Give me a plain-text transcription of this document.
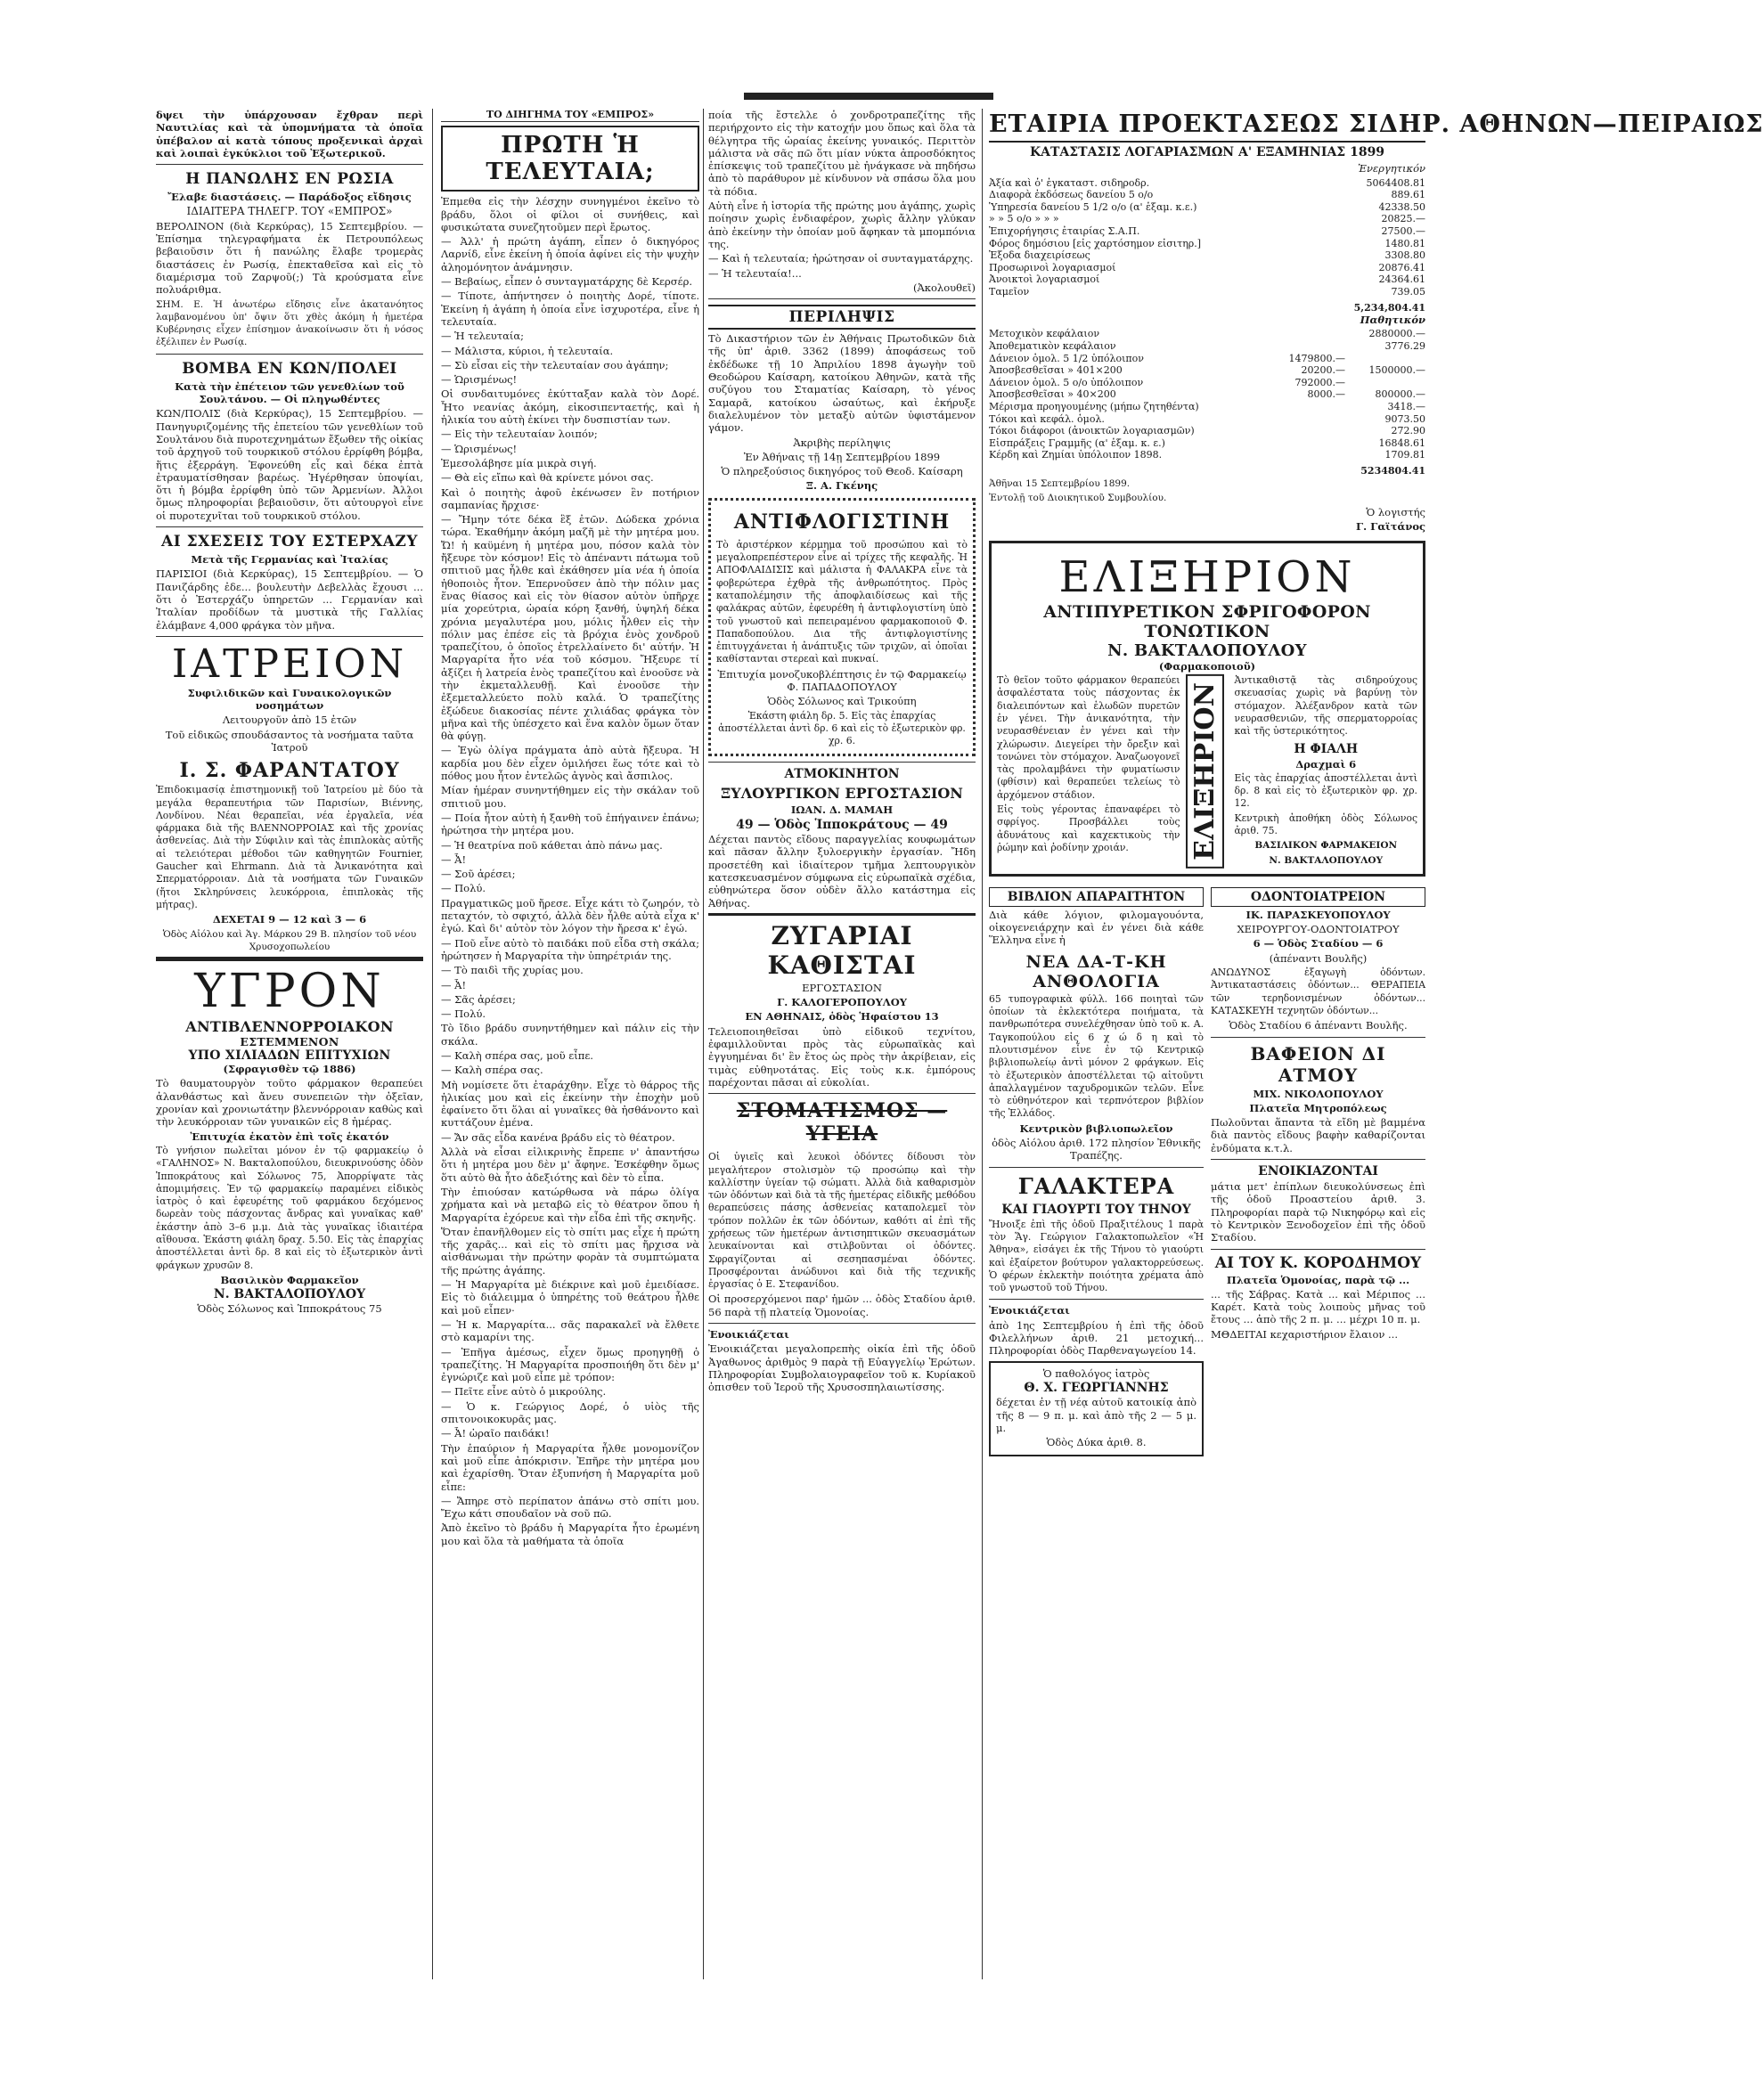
δψει τὴν ὑπάρχουσαν ἔχθραν περὶ Ναυτιλίας καὶ τὰ ὑπομνήματα τὰ ὁποῖα ὑπέβαλον αἱ κατὰ τόπους προξενικαὶ ἀρχαὶ καὶ λοιπαὶ ἐγκύκλιοι τοῦ Ἐξωτερικοῦ.

Η ΠΑΝΩΛΗΣ ΕΝ ΡΩΣΙΑ

Ἔλαβε διαστάσεις. — Παράδοξος εἴδησις

ΙΔΙΑΙΤΕΡΑ ΤΗΛΕΓΡ. ΤΟΥ «ΕΜΠΡΟΣ»

ΒΕΡΟΛΙΝΟΝ (διὰ Κερκύρας), 15 Σεπτεμβρίου. — Ἐπίσημα τηλεγραφήματα ἐκ Πετρουπόλεως βεβαιοῦσιν ὅτι ἡ πανώλης ἔλαβε τρομερὰς διαστάσεις ἐν Ρωσίᾳ, ἐπεκταθεῖσα καὶ εἰς τὸ διαμέρισμα τοῦ Ζαρψοῦ(;) Τὰ κρούσματα εἶνε πολυάριθμα.

ΣΗΜ. Ε. Ἡ ἀνωτέρω εἴδησις εἶνε ἀκατανόητος λαμβανομένου ὑπ' ὄψιν ὅτι χθὲς ἀκόμη ἡ ἡμετέρα Κυβέρνησις εἶχεν ἐπίσημον ἀνακοίνωσιν ὅτι ἡ νόσος ἐξέλιπεν ἐν Ρωσίᾳ.

ΒΟΜΒΑ ΕΝ ΚΩΝ/ΠΟΛΕΙ

Κατὰ τὴν ἐπέτειον τῶν γενεθλίων τοῦ Σουλτάνου. — Οἱ πληγωθέντες

ΚΩΝ/ΠΟΛΙΣ (διὰ Κερκύρας), 15 Σεπτεμβρίου. — Πανηγυριζομένης τῆς ἐπετείου τῶν γενεθλίων τοῦ Σουλτάνου διὰ πυροτεχνημάτων ἔξωθεν τῆς οἰκίας τοῦ ἀρχηγοῦ τοῦ τουρκικοῦ στόλου ἐρρίφθη βόμβα, ἥτις ἐξερράγη. Ἐφονεύθη εἷς καὶ δέκα ἐπτὰ ἐτραυματίσθησαν βαρέως. Ἠγέρθησαν ὑποψίαι, ὅτι ἡ βόμβα ἐρρίφθη ὑπὸ τῶν Ἀρμενίων. Ἀλλοι ὅμως πληροφορίαι βεβαιοῦσιν, ὅτι αὐτουργοὶ εἶνε οἱ πυροτεχνῖται τοῦ τουρκικοῦ στόλου.

ΑΙ ΣΧΕΣΕΙΣ ΤΟΥ ΕΣΤΕΡΧΑΖΥ

Μετὰ τῆς Γερμανίας καὶ Ἰταλίας

ΠΑΡΙΣΙΟΙ (διὰ Κερκύρας), 15 Σεπτεμβρίου. — Ὁ Πανιζάρδης ἐδε... βουλευτὴν Δεβελλὰς ἔχουσι ... ὅτι ὁ Ἐστερχάζυ ὑπηρετῶν ... Γερμανίαν καὶ Ἰταλίαν προδίδων τὰ μυστικὰ τῆς Γαλλίας ἐλάμβανε 4,000 φράγκα τὸν μῆνα.

ΙΑΤΡΕΙΟΝ

Συφιλιδικῶν καὶ Γυναικολογικῶν νοσημάτων

Λειτουργοῦν ἀπὸ 15 ἐτῶν

Τοῦ εἰδικῶς σπουδάσαντος τὰ νοσήματα ταῦτα Ἰατροῦ

Ι. Σ. ΦΑΡΑΝΤΑΤΟΥ

Ἐπιδοκιμασίᾳ ἐπιστημονικῇ τοῦ Ἰατρείου μὲ δύο τὰ μεγάλα θεραπευτήρια τῶν Παρισίων, Βιέννης, Λονδίνου. Νέαι θεραπεῖαι, νέα ἐργαλεῖα, νέα φάρμακα διὰ τῆς ΒΛΕΝΝΟΡΡΟΙΑΣ καὶ τῆς χρονίας ἀσθενείας. Διὰ τὴν Σύφιλιν καὶ τὰς ἐπιπλοκὰς αὐτῆς αἱ τελειότεραι μέθοδοι τῶν καθηγητῶν Fournier, Gaucher καὶ Ehrmann. Διὰ τὰ Ἀνικανότητα καὶ Σπερματόρροιαν. Διὰ τὰ νοσήματα τῶν Γυναικῶν (ἤτοι Σκληρύνσεις λευκόρροια, ἐπιπλοκὰς τῆς μήτρας).

ΔΕΧΕΤΑΙ 9 — 12 καὶ 3 — 6

Ὁδὸς Αἰόλου καὶ Ἁγ. Μάρκου 29 Β. πλησίον τοῦ νέου Χρυσοχοπωλείου

ΥΓΡΟΝ
ΑΝΤΙΒΛΕΝΝΟΡΡΟΙΑΚΟΝ
ΕΣΤΕΜΜΕΝΟΝ
ΥΠΟ ΧΙΛΙΑΔΩΝ ΕΠΙΤΥΧΙΩΝ

(Σφραγισθὲν τῷ 1886)

Τὸ θαυματουργὸν τοῦτο φάρμακον θεραπεύει ἀλανθάστως καὶ ἄνευ συνεπειῶν τὴν ὀξεῖαν, χρονίαν καὶ χρονιωτάτην βλεννόρροιαν καθὼς καὶ τὴν λευκόρροιαν τῶν γυναικῶν εἰς 8 ἡμέρας.

Ἐπιτυχία ἑκατὸν ἐπὶ τοῖς ἑκατόν

Τὸ γνήσιον πωλεῖται μόνον ἐν τῷ φαρμακείῳ ὁ «ΓΑΛΗΝΟΣ» Ν. Βακταλοπούλου, διευκρινούσης ὁδὸν Ἱπποκράτους καὶ Σόλωνος 75, Ἀπορρίψατε τὰς ἀπομιμήσεις. Ἐν τῷ φαρμακείῳ παραμένει εἰδικὸς ἰατρὸς ὁ καὶ ἐφευρέτης τοῦ φαρμάκου δεχόμενος δωρεὰν τοὺς πάσχοντας ἄνδρας καὶ γυναῖκας καθ' ἑκάστην ἀπὸ 3–6 μ.μ. Διὰ τὰς γυναῖκας ἰδιαιτέρα αἴθουσα. Ἑκάστη φιάλη δραχ. 5.50. Εἰς τὰς ἐπαρχίας ἀποστέλλεται ἀντὶ δρ. 8 καὶ εἰς τὸ ἐξωτερικὸν ἀντὶ φράγκων χρυσῶν 8.

Βασιλικὸν Φαρμακεῖον

Ν. ΒΑΚΤΑΛΟΠΟΥΛΟΥ

Ὁδὸς Σόλωνος καὶ Ἱπποκράτους 75

ΤΟ ΔΙΗΓΗΜΑ ΤΟΥ «ΕΜΠΡΟΣ»

ΠΡΩΤΗ Ἡ ΤΕΛΕΥΤΑΙΑ;

Ἐπμεθα εἰς τὴν λέσχην συνηγμένοι ἐκεῖνο τὸ βράδυ, ὅλοι οἱ φίλοι οἱ συνήθεις, καὶ φυσικώτατα συνεζητοῦμεν περὶ ἔρωτος.

— Ἀλλ' ἡ πρώτη ἀγάπη, εἶπεν ὁ δικηγόρος Λαρνίδ, εἶνε ἐκείνη ἡ ὁποία ἀφίνει εἰς τὴν ψυχὴν ἀληομόνητον ἀνάμνησιν.

— Βεβαίως, εἶπεν ὁ συνταγματάρχης δὲ Κερσέρ.

— Τίποτε, ἀπήντησεν ὁ ποιητὴς Δορέ, τίποτε. Ἐκείνη ἡ ἀγάπη ἡ ὁποία εἶνε ἰσχυροτέρα, εἶνε ἡ τελευταία.

— Ἡ τελευταία;

— Μάλιστα, κύριοι, ἡ τελευταία.

— Σὺ εἶσαι εἰς τὴν τελευταίαν σου ἀγάπην;

— Ὡρισμένως!

Οἱ συνδαιτυμόνες ἐκύτταξαν καλὰ τὸν Δορέ. Ἦτο νεανίας ἀκόμη, εἰκοσιπενταετής, καὶ ἡ ἡλικία του αὐτὴ ἐκίνει τὴν δυσπιστίαν των.

— Εἰς τὴν τελευταίαν λοιπόν;

— Ὡρισμένως!

Ἐμεσολάβησε μία μικρὰ σιγή.

— Θὰ εἰς εἴπω καὶ θὰ κρίνετε μόνοι σας.

Καὶ ὁ ποιητὴς ἀφοῦ ἐκένωσεν ἓν ποτήριον σαμπανίας ἤρχισε·

— Ἤμην τότε δέκα ἓξ ἐτῶν. Δώδεκα χρόνια τώρα. Ἐκαθήμην ἀκόμη μαζῆ μὲ τὴν μητέρα μου. Ὤ! ἡ καϋμένη ἡ μητέρα μου, πόσον καλὰ τὸν ἤξευρε τὸν κόσμον! Εἰς τὸ ἀπέναντι πάτωμα τοῦ σπιτιοῦ μας ἦλθε καὶ ἐκάθησεν μία νέα ἡ ὁποία ἠθοποιὸς ἦτον. Ἐπερνοῦσεν ἀπὸ τὴν πόλιν μας ἕνας θίασος καὶ εἰς τὸν θίασον αὐτὸν ὑπῆρχε μία χορεύτρια, ὡραία κόρη ξανθή, ὑψηλή δέκα χρόνια μεγαλυτέρα μου, μόλις ἦλθεν εἰς τὴν πόλιν μας ἐπέσε εἰς τὰ βρόχια ἑνὸς χονδροῦ τραπεζίτου, ὁ ὁποῖος ἐτρελλαίνετο δι' αὐτήν. Ἡ Μαργαρίτα ἦτο νέα τοῦ κόσμου. Ἤξευρε τί ἀξίζει ἡ λατρεία ἑνὸς τραπεζίτου καὶ ἐνοοῦσε νὰ τὴν ἐκμεταλλευθῇ. Καὶ ἐνοοῦσε τὴν ἐξεμεταλλεύετο πολὺ καλά. Ὁ τραπεζίτης ἐξώδευε διακοσίας πέντε χιλιάδας φράγκα τὸν μῆνα καὶ τῆς ὑπέσχετο καὶ ἕνα καλὸν ὅμων ὅταν θὰ φύγῃ.

— Ἐγὼ ὀλίγα πράγματα ἀπὸ αὐτὰ ἤξευρα. Ἡ καρδία μου δὲν εἶχεν ὁμιλήσει ἕως τότε καὶ τὸ πόθος μου ἦτον ἐντελῶς ἀγνὸς καὶ ἄσπιλος.

Μίαν ἡμέραν συνηντήθημεν εἰς τὴν σκάλαν τοῦ σπιτιοῦ μου.

— Ποία ἦτον αὐτὴ ἡ ξανθὴ τοῦ ἐπήγαινεν ἐπάνω; ἠρώτησα τὴν μητέρα μου.

— Ἡ θεατρίνα ποῦ κάθεται ἀπὸ πάνω μας.

— Ἆ!

— Σοῦ ἀρέσει;

— Πολύ.

Πραγματικῶς μοῦ ἤρεσε. Εἶχε κάτι τὸ ζωηρόν, τὸ πεταχτόν, τὸ σφιχτό, ἀλλὰ δὲν ἦλθε αὐτὰ εἶχα κ' ἐγώ. Καὶ δι' αὐτὸν τὸν λόγον τὴν ἤρεσα κ' ἐγώ.

— Ποῦ εἶνε αὐτὸ τὸ παιδάκι ποῦ εἶδα στὴ σκάλα; ἠρώτησεν ἡ Μαργαρίτα τὴν ὑπηρέτριάν της.

— Τὸ παιδὶ τῆς χυρίας μου.

— Ἆ!

— Σᾶς ἀρέσει;

— Πολύ.

Τὸ ἴδιο βράδυ συνηντήθημεν καὶ πάλιν εἰς τὴν σκάλα.

— Καλὴ σπέρα σας, μοῦ εἶπε.

— Καλὴ σπέρα σας.

Μὴ νομίσετε ὅτι ἐταράχθην. Εἶχε τὸ θάρρος τῆς ἡλικίας μου καὶ εἰς ἐκείνην τὴν ἐποχὴν μοῦ ἐφαίνετο ὅτι ὅλαι αἱ γυναῖκες θὰ ἠσθάνοντο καὶ κυττάζουν ἐμένα.

— Ἄν σᾶς εἶδα κανένα βράδυ εἰς τὸ θέατρον.

Ἀλλὰ νὰ εἶσαι εἰλικρινὴς ἔπρεπε ν' ἀπαντήσω ὅτι ἡ μητέρα μου δὲν μ' ἄφηνε. Ἐσκέφθην ὅμως ὅτι αὐτὸ θὰ ἦτο ἀδεξιότης καὶ δὲν τὸ εἶπα.

Τὴν ἐπιούσαν κατώρθωσα νὰ πάρω ὀλίγα χρήματα καὶ νὰ μεταβῶ εἰς τὸ θέατρον ὅπου ἡ Μαργαρίτα ἐχόρευε καὶ τὴν εἶδα ἐπὶ τῆς σκηνῆς.

Ὅταν ἐπανῆλθομεν εἰς τὸ σπίτι μας εἶχε ἡ πρώτη τῆς χαρᾶς... καὶ εἰς τὸ σπίτι μας ἤρχισα νὰ αἰσθάνωμαι τὴν πρώτην φορὰν τὰ συμπτώματα τῆς πρώτης ἀγάπης.

— Ἡ Μαργαρίτα μὲ διέκρινε καὶ μοῦ ἐμειδίασε. Εἰς τὸ διάλειμμα ὁ ὑπηρέτης τοῦ θεάτρου ἦλθε καὶ μοῦ εἶπεν·

— Ἡ κ. Μαργαρίτα... σᾶς παρακαλεῖ νὰ ἔλθετε στὸ καμαρίνι της.

— Ἐπῆγα ἀμέσως, εἶχεν ὅμως προηγηθῇ ὁ τραπεζίτης. Ἡ Μαργαρίτα προσποιήθη ὅτι δὲν μ' ἐγνώριζε καὶ μοῦ εἶπε μὲ τρόπον:

— Πεῖτε εἶνε αὐτὸ ὁ μικρούλης.

— Ὁ κ. Γεώργιος Δορέ, ὁ υἱὸς τῆς σπιτονοικοκυρᾶς μας.

— Ἆ! ὡραῖο παιδάκι!

Τὴν ἐπαύριον ἡ Μαργαρίτα ἦλθε μονομονίζον καὶ μοῦ εἶπε ἀπόκρισιν. Ἐπῆρε τὴν μητέρα μου καὶ ἐχαρίσθη. Ὅταν ἐξυπνήση ἡ Μαργαρίτα μοῦ εἶπε:

— Ἄπηρε στὸ περίπατον ἀπάνω στὸ σπίτι μου. Ἔχω κάτι σπουδαῖον νὰ σοῦ πῶ.

Ἀπὸ ἐκεῖνο τὸ βράδυ ἡ Μαργαρίτα ἦτο ἐρωμένη μου καὶ ὅλα τὰ μαθήματα τὰ ὁποῖα

ποία τῆς ἔστελλε ὁ χονδροτραπεζίτης τῆς περιήρχοντο εἰς τὴν κατοχήν μου ὅπως καὶ ὅλα τὰ θέλγητρα τῆς ὡραίας ἐκείνης γυναικός. Περιττὸν μάλιστα νὰ σᾶς πῶ ὅτι μίαν νύκτα ἀπροσδόκητος ἐπίσκεψις τοῦ τραπεζίτου μὲ ἠνάγκασε νὰ πηδήσω ἀπὸ τὸ παράθυρον μὲ κίνδυνον νὰ σπάσω ὅλα μου τὰ πόδια.

Αὐτὴ εἶνε ἡ ἱστορία τῆς πρώτης μου ἀγάπης, χωρὶς ποίησιν χωρὶς ἐνδιαφέρον, χωρὶς ἄλλην γλύκαν ἀπὸ ἐκείνην τὴν ὁποίαν μοῦ ἄφηκαν τὰ μπομπόνια της.

— Καὶ ἡ τελευταία; ἠρώτησαν οἱ συνταγματάρχης.

— Ἡ τελευταία!...

(Ἀκολουθεῖ)

ΠΕΡΙΛΗΨΙΣ

Τὸ Δικαστήριον τῶν ἐν Ἀθήναις Πρωτοδικῶν διὰ τῆς ὑπ' ἀριθ. 3362 (1899) ἀποφάσεως τοῦ ἐκδέδωκε τῇ 10 Ἀπριλίου 1898 ἀγωγὴν τοῦ Θεοδώρου Καίσαρη, κατοίκου Ἀθηνῶν, κατὰ τῆς συζύγου του Σταματίας Καίσαρη, τὸ γένος Σαμαρᾶ, κατοίκου ὡσαύτως, καὶ ἐκήρυξε διαλελυμένον τὸν μεταξὺ αὐτῶν ὑφιστάμενον γάμον.

Ἀκριβὴς περίληψις

Ἐν Ἀθήναις τῇ 14ῃ Σεπτεμβρίου 1899

Ὁ πληρεξούσιος δικηγόρος τοῦ Θεοδ. Καίσαρη

Ξ. Α. Γκένης

ΑΝΤΙΦΛΟΓΙΣΤΙΝΗ

Τὸ ἀριστέρκον κέρμημα τοῦ προσώπου καὶ τὸ μεγαλοπρεπέστερον εἶνε αἱ τρίχες τῆς κεφαλῆς. Ἡ ΑΠΟΦΛΑΙΔΙΣΙΣ καὶ μάλιστα ἡ ΦΑΛΑΚΡΑ εἶνε τὰ φοβερώτερα ἐχθρὰ τῆς ἀνθρωπότητος. Πρὸς καταπολέμησιν τῆς ἀποφλαιδίσεως καὶ τῆς φαλάκρας αὐτῶν, ἐφευρέθη ἡ ἀντιφλογιστίνη ὑπὸ τοῦ γνωστοῦ καὶ πεπειραμένου φαρμακοποιοῦ Φ. Παπαδοπούλου. Δια τῆς ἀντιφλογιστίνης ἐπιτυγχάνεται ἡ ἀνάπτυξις τῶν τριχῶν, αἱ ὁποῖαι καθίστανται στερεαὶ καὶ πυκναί.

Ἐπιτυχία μονοζυκοβλέπτησις ἐν τῷ Φαρμακείῳ Φ. ΠΑΠΑΔΟΠΟΥΛΟΥ

Ὁδὸς Σόλωνος καὶ Τρικούπη

Ἑκάστη φιάλη δρ. 5. Εἰς τὰς ἐπαρχίας ἀποστέλλεται ἀντὶ δρ. 6 καὶ εἰς τὸ ἐξωτερικὸν φρ. χρ. 6.

ΑΤΜΟΚΙΝΗΤΟΝ
ΞΥΛΟΥΡΓΙΚΟΝ ΕΡΓΟΣΤΑΣΙΟΝ

ΙΩΑΝ. Δ. ΜΑΜΑΗ

49 — Ὁδὸς Ἱπποκράτους — 49

Δέχεται παντὸς εἴδους παραγγελίας κουφωμάτων καὶ πᾶσαν ἄλλην ξυλοεργικὴν ἐργασίαν. Ἤδη προσετέθη καὶ ἰδιαίτερον τμῆμα λεπτουργικὸν κατεσκευασμένον σύμφωνα εἰς εὐρωπαϊκὰ σχέδια, εὐθηνώτερα ὅσον οὐδὲν ἄλλο κατάστημα εἰς Ἀθήνας.

ΖΥΓΑΡΙΑΙ ΚΑΘΙΣΤΑΙ

ΕΡΓΟΣΤΑΣΙΟΝ

Γ. ΚΑΛΟΓΕΡΟΠΟΥΛΟΥ

ΕΝ ΑΘΗΝΑΙΣ, ὁδὸς Ἡφαίστου 13

Τελειοποιηθεῖσαι ὑπὸ εἰδικοῦ τεχνίτου, ἐφαμιλλοῦνται πρὸς τὰς εὐρωπαϊκὰς καὶ ἐγγυημέναι δι' ἓν ἔτος ὡς πρὸς τὴν ἀκρίβειαν, εἰς τιμὰς εὐθηνοτάτας. Εἰς τοὺς κ.κ. ἐμπόρους παρέχονται πᾶσαι αἱ εὐκολίαι.

ΣΤΟΜΑΤΙΣΜΟΣ — ΥΓΕΙΑ

Οἱ ὑγιεῖς καὶ λευκοὶ ὀδόντες δίδουσι τὸν μεγαλήτερον στολισμὸν τῷ προσώπῳ καὶ τὴν καλλίστην ὑγείαν τῷ σώματι. Ἀλλὰ διὰ καθαρισμὸν τῶν ὀδόντων καὶ διὰ τὰ τῆς ἡμετέρας εἰδικῆς μεθόδου θεραπεύσεις πάσης ἀσθενείας καταπολεμεῖ τὸν τρόπον πολλῶν ἐκ τῶν ὀδόντων, καθότι αἱ ἐπὶ τῆς χρήσεως τῶν ἡμετέρων ἀντισηπτικῶν σκευασμάτων λευκαίνονται καὶ στιλβοῦνται οἱ ὀδόντες. Σφραγίζονται αἱ σεσηπασμέναι ὀδόντες. Προσφέρονται ἀνώδυνοι καὶ διὰ τῆς τεχνικῆς ἐργασίας ὁ Ε. Στεφανίδου.

Οἱ προσερχόμενοι παρ' ἡμῶν ... ὁδὸς Σταδίου ἀριθ. 56 παρὰ τῇ πλατείᾳ Ὁμονοίας.

Ἐνοικιάζεται

Ἐνοικιάζεται μεγαλοπρεπὴς οἰκία ἐπὶ τῆς ὁδοῦ Ἀγαθωνος ἀριθμὸς 9 παρὰ τῇ Εὐαγγελίῳ Ἐρώτων. Πληροφορίαι Συμβολαιογραφεῖον τοῦ κ. Κυρίακοῦ ὀπισθεν τοῦ Ἱεροῦ τῆς Χρυσοσπηλαιωτίσσης.

ΕΤΑΙΡΙΑ ΠΡΟΕΚΤΑΣΕΩΣ ΣΙΔΗΡ. ΑΘΗΝΩΝ—ΠΕΙΡΑΙΩΣ

ΚΑΤΑΣΤΑΣΙΣ ΛΟΓΑΡΙΑΣΜΩΝ Α' ΕΞΑΜΗΝΙΑΣ 1899

Ἐνεργητικόν

Ἀξία καὶ ὁ' ἐγκαταστ. σιδηροδρ.	5064408.81
Διαφορὰ ἐκδόσεως δανείου 5 ο/ο	889.61
Ὑπηρεσία δανείου 5 1/2 ο/ο (α' ἑξαμ. κ.ε.)	42338.50
» » 5 ο/ο » » »	20825.—
Ἐπιχορήγησις ἐταιρίας Σ.Α.Π.	27500.—
Φόρος δημόσιου [εἰς χαρτόσημον εἰσιτηρ.]	1480.81
Ἐξοδα διαχειρίσεως	3308.80
Προσωρινοὶ λογαριασμοί	20876.41
Ἀνοικτοὶ λογαριασμοί	24364.61
Ταμεῖον	739.05
5,234,804.41

Παθητικόν

Μετοχικὸν κεφάλαιον	2880000.—
Ἀποθεματικὸν κεφάλαιον	3776.29
Δάνειον ὁμολ. 5 1/2 ὑπόλοιπον	1479800.—
Ἀποσβεσθεῖσαι » 401×200	20200.—	1500000.—
Δάνειον ὁμολ. 5 ο/ο ὑπόλοιπον	792000.—
Ἀποσβεσθεῖσαι » 40×200	8000.—	800000.—
Μέρισμα προηγουμένης (μήπω ζητηθέντα)	3418.—
Τόκοι καὶ κεφάλ. ὁμολ.	9073.50
Τόκοι διάφοροι (ἀνοικτῶν λογαριασμῶν)	272.90
Εἰσπράξεις Γραμμῆς (α' ἑξαμ. κ. ε.)	16848.61
Κέρδη καὶ Ζημίαι ὑπόλοιπον 1898.	1709.81
5234804.41

Ἀθῆναι 15 Σεπτεμβρίου 1899.

Ἐντολῇ τοῦ Διοικητικοῦ Συμβουλίου.

Ὁ λογιστής

Γ. Γαϊτάνος

ΕΛΙΞΗΡΙΟΝ
ΑΝΤΙΠΥΡΕΤΙΚΟΝ ΣΦΡΙΓΟΦΟΡΟΝ ΤΟΝΩΤΙΚΟΝ
Ν. ΒΑΚΤΑΛΟΠΟΥΛΟΥ

(Φαρμακοποιοῦ)

Τὸ θεῖον τοῦτο φάρμακον θεραπεύει ἀσφαλέστατα τοὺς πάσχοντας ἐκ διαλειπόντων καὶ ἑλωδῶν πυρετῶν ἐν γένει. Τὴν ἀνικανότητα, τὴν νευρασθένειαν ἐν γένει καὶ τὴν χλώρωσιν. Διεγείρει τὴν ὄρεξιν καὶ τονώνει τὸν στόμαχον. Ἀναζωογονεῖ τὰς προλαμβάνει τὴν φυματίωσιν (φθίσιν) καὶ θεραπεύει τελείως τὸ ἀρχόμενον στάδιον.

Εἰς τοὺς γέροντας ἐπαναφέρει τὸ σφρίγος. Προσβάλλει τοὺς ἀδυνάτους καὶ καχεκτικοὺς τὴν ῥώμην καὶ ῥοδίνην χροιάν.	ΕΛΙΞΗΡΙΟΝ

Ἀντικαθιστᾷ τὰς σιδηρούχους σκευασίας χωρὶς νὰ βαρύνῃ τὸν στόμαχον. Ἀλέξανδρον κατὰ τῶν νευρασθενιῶν, τῆς σπερματορροίας καὶ τῆς ὑστερικότητος.

Η ΦΙΑΛΗ

Δραχμαὶ 6

Εἰς τὰς ἐπαρχίας ἀποστέλλεται ἀντὶ δρ. 8 καὶ εἰς τὸ ἐξωτερικὸν φρ. χρ. 12.

Κεντρικὴ ἀποθήκη ὁδὸς Σόλωνος ἀριθ. 75.

ΒΑΣΙΛΙΚΟΝ ΦΑΡΜΑΚΕΙΟΝ

Ν. ΒΑΚΤΑΛΟΠΟΥΛΟΥ

ΒΙΒΛΙΟΝ ΑΠΑΡΑΙΤΗΤΟΝ

Διὰ κάθε λόγιον, φιλομαγουόντα, οἰκογενειάρχην καὶ ἐν γένει διὰ κάθε Ἕλληνα εἶνε ἡ

ΝΕΑ ΔΑ-Τ-ΚΗ ΑΝΘΟΛΟΓΙΑ

65 τυπογραφικὰ φύλλ. 166 ποιηταὶ τῶν ὁποίων τὰ ἐκλεκτότερα ποιήματα, τὰ πανθρωπότερα συνελέχθησαν ὑπὸ τοῦ κ. Α. Ταγκοπούλου εἰς 6 χ ώ δ η καὶ τὸ πλουτισμένον εἶνε ἐν τῷ Κεντρικῷ βιβλιοπωλείῳ ἀντὶ μόνον 2 φράγκων. Εἰς τὸ ἐξωτερικὸν ἀποστέλλεται τῷ αἰτοῦντι ἀπαλλαγμένον ταχυδρομικῶν τελῶν. Εἶνε τὸ εὐθηνότερον καὶ τερπνότερον βιβλίον τῆς Ἑλλάδος.

Κεντρικὸν βιβλιοπωλεῖον

ὁδὸς Αἰόλου ἀριθ. 172 πλησίον Ἐθνικῆς Τραπέζης.

ΓΑΛΑΚΤΕΡΑ
ΚΑΙ ΓΙΑΟΥΡΤΙ ΤΟΥ ΤΗΝΟΥ

Ἤνοιξε ἐπὶ τῆς ὁδοῦ Πραξιτέλους 1 παρὰ τὸν Ἅγ. Γεώργιον Γαλακτοπωλεῖον «Ἡ Ἀθηνα», εἰσάγει ἐκ τῆς Τήνου τὸ γιαούρτι καὶ ἐξαίρετον βούτυρον γαλακτορρεύσεως. Ὁ φέρων ἐκλεκτὴν ποιότητα χρέματα ἀπὸ τοῦ γνωστοῦ τοῦ Τήνου.

Ἐνοικιάζεται

ἀπὸ 1ης Σεπτεμβρίου ἡ ἐπὶ τῆς ὁδοῦ Φιλελλήνων ἀριθ. 21 μετοχική... Πληροφορίαι ὁδὸς Παρθεναγωγείου 14.

Ὁ παθολόγος ἰατρὸς

Θ. Χ. ΓΕΩΡΓΙΑΝΝΗΣ

δέχεται ἐν τῇ νέᾳ αὐτοῦ κατοικίᾳ ἀπὸ τῆς 8 — 9 π. μ. καὶ ἀπὸ τῆς 2 — 5 μ. μ.

Ὁδὸς Δύκα ἀριθ. 8.

ΟΔΟΝΤΟΙΑΤΡΕΙΟΝ

ΙΚ. ΠΑΡΑΣΚΕΥΟΠΟΥΛΟΥ

ΧΕΙΡΟΥΡΓΟΥ-ΟΔΟΝΤΟΙΑΤΡΟΥ

6 — Ὁδὸς Σταδίου — 6

(ἀπέναντι Βουλῆς)

ΑΝΩΔΥΝΟΣ ἐξαγωγὴ ὀδόντων. Ἀντικαταστάσεις ὀδόντων... ΘΕΡΑΠΕΙΑ τῶν τερηδονισμένων ὀδόντων... ΚΑΤΑΣΚΕΥΗ τεχνητῶν ὀδόντων...

Ὁδὸς Σταδίου 6 ἀπέναντι Βουλῆς.

ΒΑΦΕΙΟΝ ΔΙ ΑΤΜΟΥ

ΜΙΧ. ΝΙΚΟΛΟΠΟΥΛΟΥ

Πλατεῖα Μητροπόλεως

Πωλοῦνται ἅπαντα τὰ εἴδη μὲ βαμμένα διὰ παντὸς εἴδους βαφὴν καθαρίζονται ἐνδύματα κ.τ.λ.

ΕΝΟΙΚΙΑΖΟΝΤΑΙ

μάτια μετ' ἐπίπλων διευκολύνσεως ἐπὶ τῆς ὁδοῦ Προαστείου ἀριθ. 3. Πληροφορίαι παρὰ τῷ Νικηφόρῳ καὶ εἰς τὸ Κεντρικὸν Ξενοδοχεῖον ἐπὶ τῆς ὁδοῦ Σταδίου.

ΑΙ ΤΟΥ Κ. ΚΟΡΟΔΗΜΟΥ

Πλατεῖα Ὁμονοίας, παρὰ τῷ ...

... τῆς Σάβρας. Κατὰ ... καὶ Μέριπος ... Καρέτ. Κατὰ τοὺς λοιποὺς μῆνας τοῦ ἔτους ... ἀπὸ τῆς 2 π. μ. ... μέχρι 10 π. μ.

ΜΘΔΕΙΤΑΙ κεχαριστήριον ἔλαιον ...
